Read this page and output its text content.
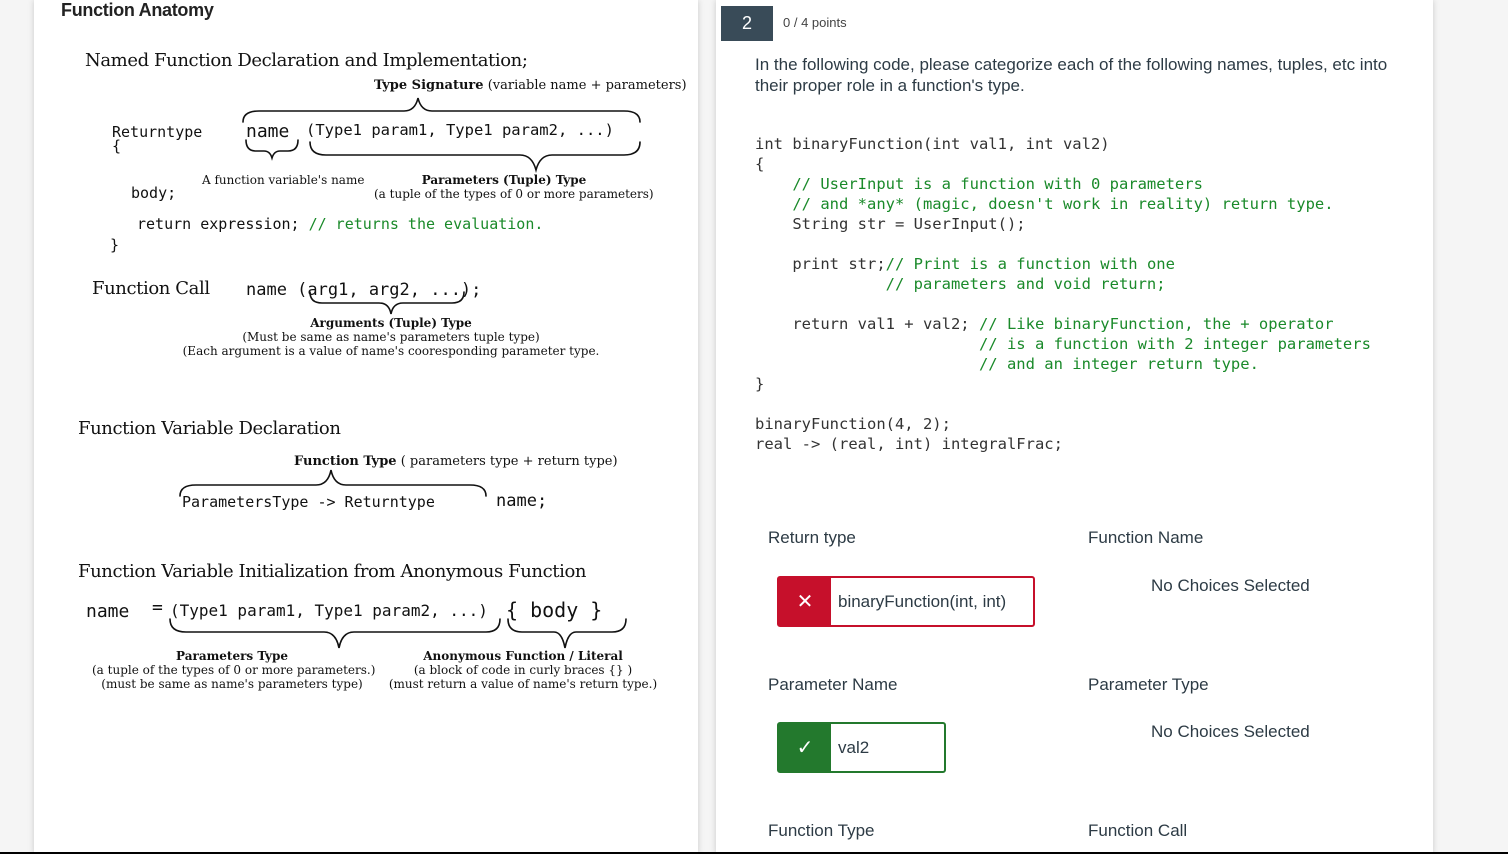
Function Anatomy
Named Function Declaration and Implementation;
Type Signature (variable name + parameters)
Returntype
{
name (Type1 param1, Type1 param2, ...)
A function variable's name	Parameters (Tuple) Type
(a tuple of the types of 0 or more parameters)
body;
return expression; // returns the evaluation.
}
Function Call name (arg1, arg2, ...);
Arguments (Tuple) Type
(Must be same as name's parameters tuple type)
(Each argument is a value of name's cooresponding parameter type.
Function Variable Declaration
Function Type ( parameters type + return type)
ParametersType -> Returntype	name;
Function Variable Initialization from Anonymous Function
name = (Type1 param1, Type1 param2, ...) { body }
Parameters Type
(a tuple of the types of 0 or more parameters.)
(must be same as name's parameters type)
Anonymous Function / Literal
(a block of code in curly braces {} )
(must return a value of name's return type.)
2	0 / 4 points
In the following code, please categorize each of the following names, tuples, etc into their proper role in a function's type.
int binaryFunction(int val1, int val2)
{
// UserInput is a function with 0 parameters
// and *any* (magic, doesn't work in reality) return type.
String str = UserInput();

print str;// Print is a function with one
// parameters and void return;

return val1 + val2; // Like binaryFunction, the + operator
// is a function with 2 integer parameters
// and an integer return type.
}

binaryFunction(4, 2);
real -> (real, int) integralFrac;
Return type	Function Name
✕	binaryFunction(int, int)
No Choices Selected
Parameter Name	Parameter Type
✓	val2
No Choices Selected
Function Type	Function Call
